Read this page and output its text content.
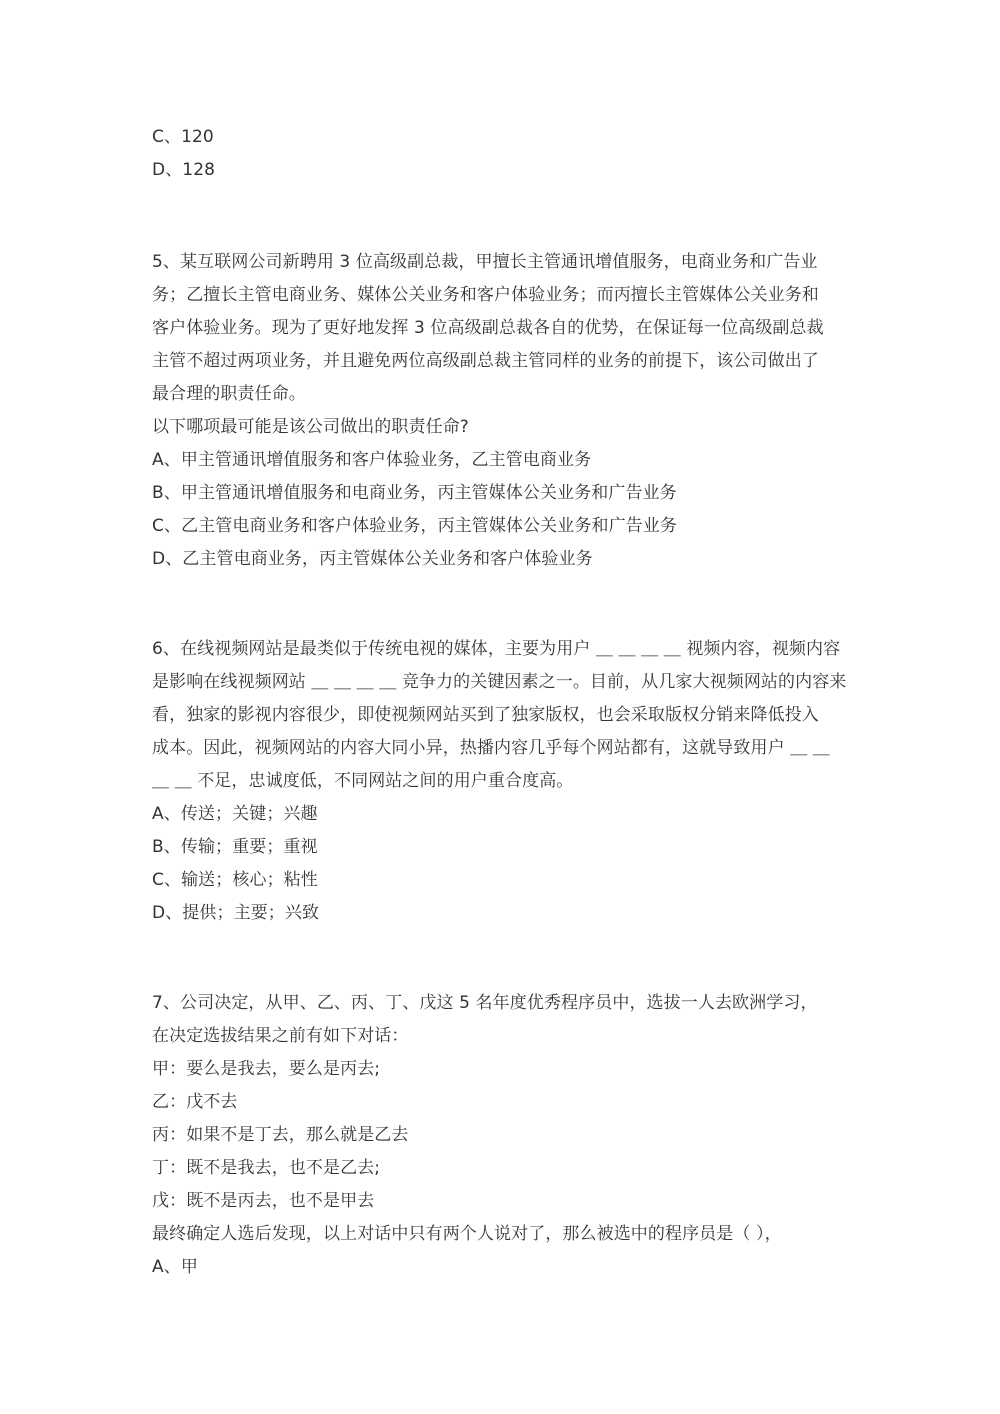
C、120
D、128
5、某互联网公司新聘用 3 位高级副总裁，甲擅长主管通讯增值服务，电商业务和广告业
务；乙擅长主管电商业务、媒体公关业务和客户体验业务；而丙擅长主管媒体公关业务和
客户体验业务。现为了更好地发挥 3 位高级副总裁各自的优势，在保证每一位高级副总裁
主管不超过两项业务，并且避免两位高级副总裁主管同样的业务的前提下，该公司做出了
最合理的职责任命。
以下哪项最可能是该公司做出的职责任命?
A、甲主管通讯增值服务和客户体验业务，乙主管电商业务
B、甲主管通讯增值服务和电商业务，丙主管媒体公关业务和广告业务
C、乙主管电商业务和客户体验业务，丙主管媒体公关业务和广告业务
D、乙主管电商业务，丙主管媒体公关业务和客户体验业务
6、在线视频网站是最类似于传统电视的媒体，主要为用户 ＿ ＿ ＿ ＿ 视频内容，视频内容
是影响在线视频网站 ＿ ＿ ＿ ＿ 竞争力的关键因素之一。目前，从几家大视频网站的内容来
看，独家的影视内容很少，即使视频网站买到了独家版权，也会采取版权分销来降低投入
成本。因此，视频网站的内容大同小异，热播内容几乎每个网站都有，这就导致用户 ＿ ＿
＿ ＿ 不足，忠诚度低，不同网站之间的用户重合度高。
A、传送；关键；兴趣
B、传输；重要；重视
C、输送；核心；粘性
D、提供；主要；兴致
7、公司决定，从甲、乙、丙、丁、戊这 5 名年度优秀程序员中，选拔一人去欧洲学习，
在决定选拔结果之前有如下对话：
甲：要么是我去，要么是丙去;
乙：戊不去
丙：如果不是丁去，那么就是乙去
丁：既不是我去，也不是乙去;
戊：既不是丙去，也不是甲去
最终确定人选后发现，以上对话中只有两个人说对了，那么被选中的程序员是（ ），
A、甲
